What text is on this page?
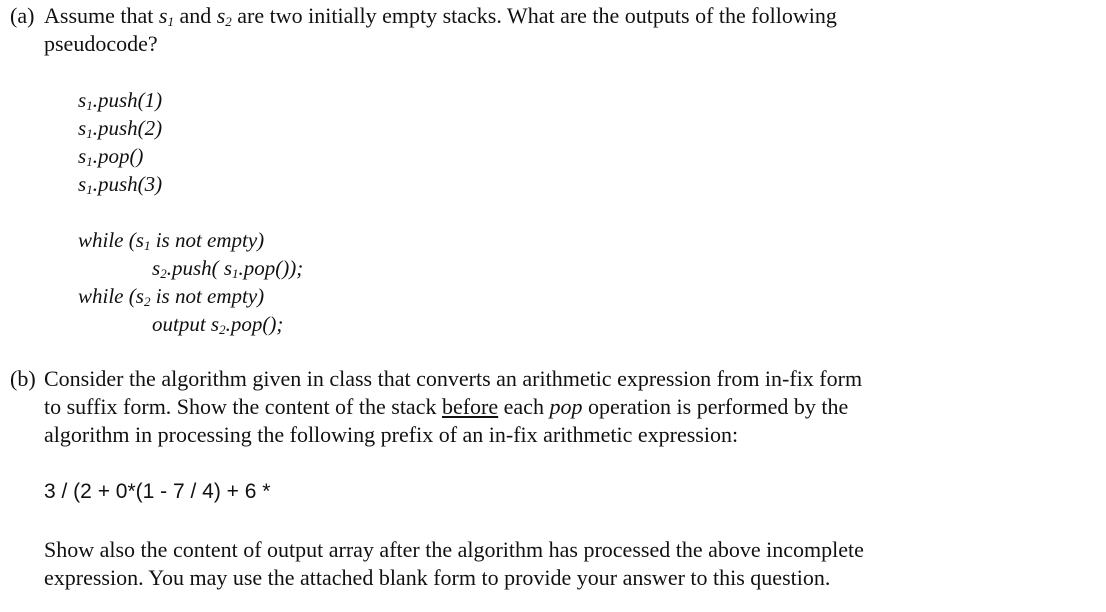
(a) Assume that $s_1$ and $s_2$ are two initially empty stacks. What are the outputs of the following
pseudocode?
$s_1.push(1)$
$s_1.push(2)$
$s_1.pop()$
$s_1.push(3)$
while ($s_1$ is not empty)
$s_2.push$( $s_1.pop()$);
while ($s_2$ is not empty)
output $s_2.pop()$;
(b) Consider the algorithm given in class that converts an arithmetic expression from in-fix form
to suffix form. Show the content of the stack before each pop operation is performed by the
algorithm in processing the following prefix of an in-fix arithmetic expression:
3 / (2 + 0*(1 - 7 / 4) + 6 *
Show also the content of output array after the algorithm has processed the above incomplete
expression. You may use the attached blank form to provide your answer to this question.
